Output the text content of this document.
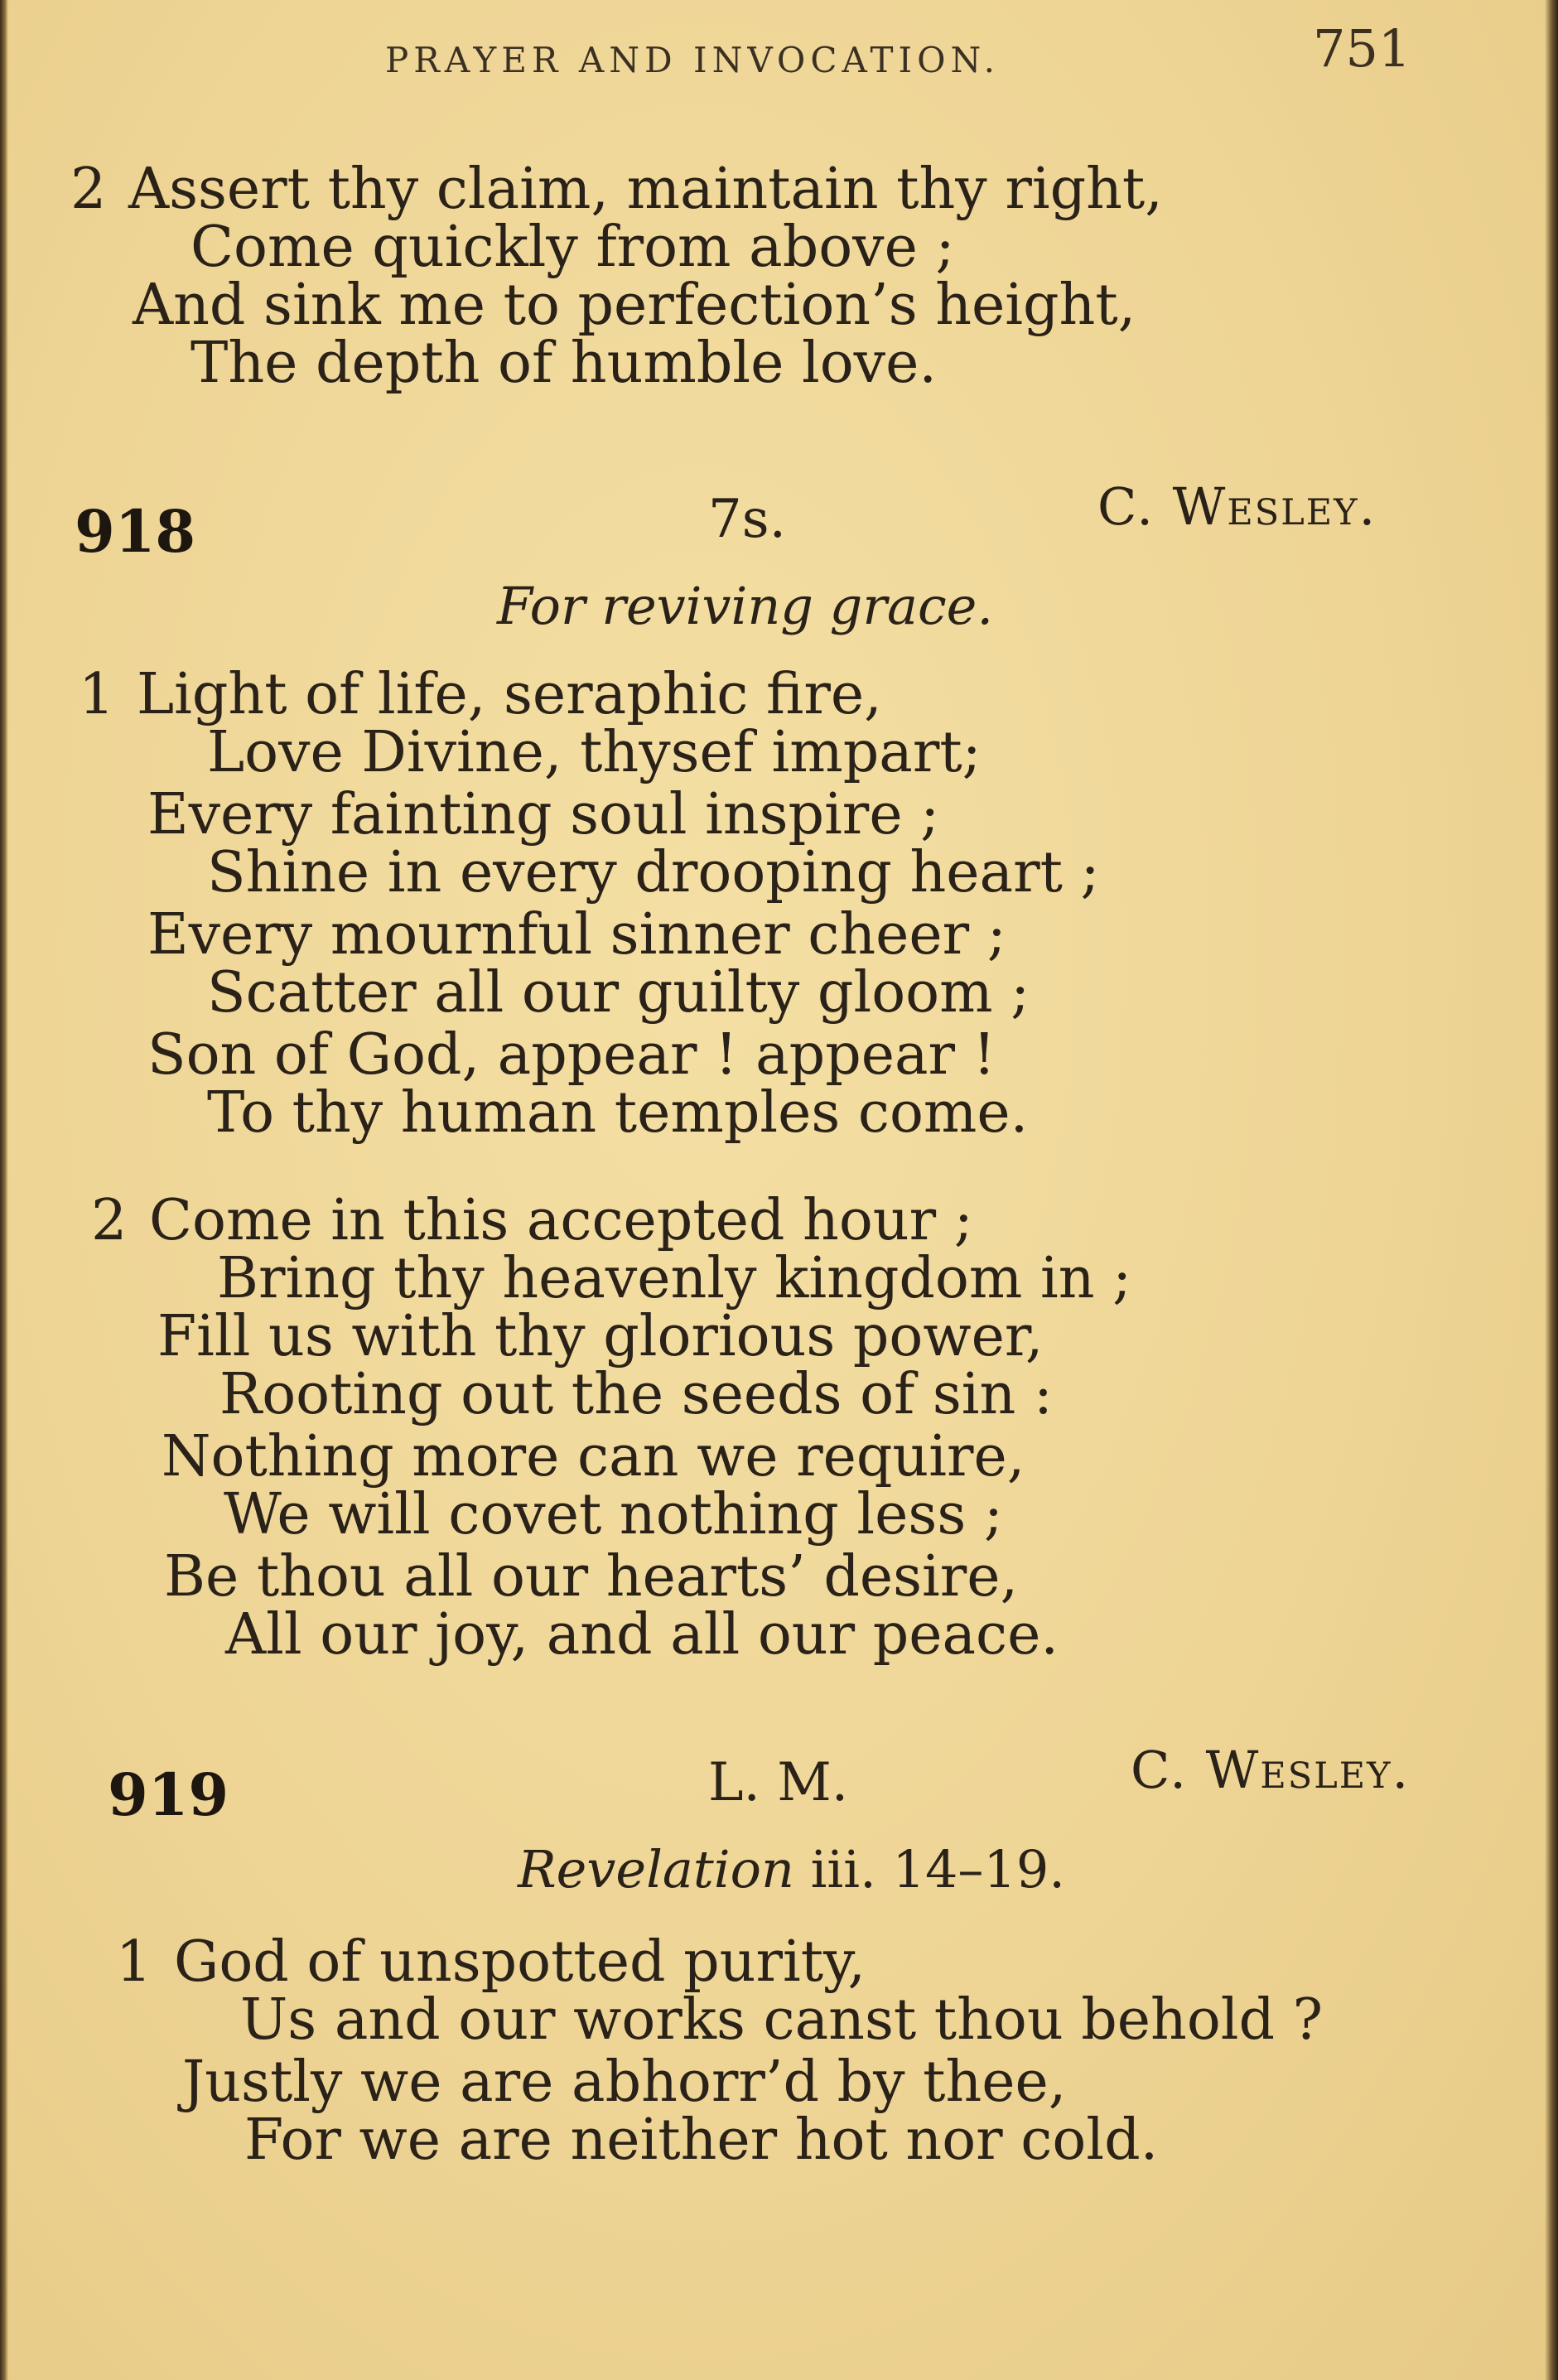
PRAYER AND INVOCATION.	751
2 Assert thy claim, maintain thy right,
Come quickly from above ;
And sink me to perfection’s height,
The depth of humble love.
918	7s.	C. Wesley.
For reviving grace.
1 Light of life, seraphic fire,
Love Divine, thysef impart;
Every fainting soul inspire ;
Shine in every drooping heart ;
Every mournful sinner cheer ;
Scatter all our guilty gloom ;
Son of God, appear ! appear !
To thy human temples come.
2 Come in this accepted hour ;
Bring thy heavenly kingdom in ;
Fill us with thy glorious power,
Rooting out the seeds of sin :
Nothing more can we require,
We will covet nothing less ;
Be thou all our hearts’ desire,
All our joy, and all our peace.
919	L. M.	C. Wesley.
Revelation iii. 14–19.
1 God of unspotted purity,
Us and our works canst thou behold ?
Justly we are abhorr’d by thee,
For we are neither hot nor cold.
